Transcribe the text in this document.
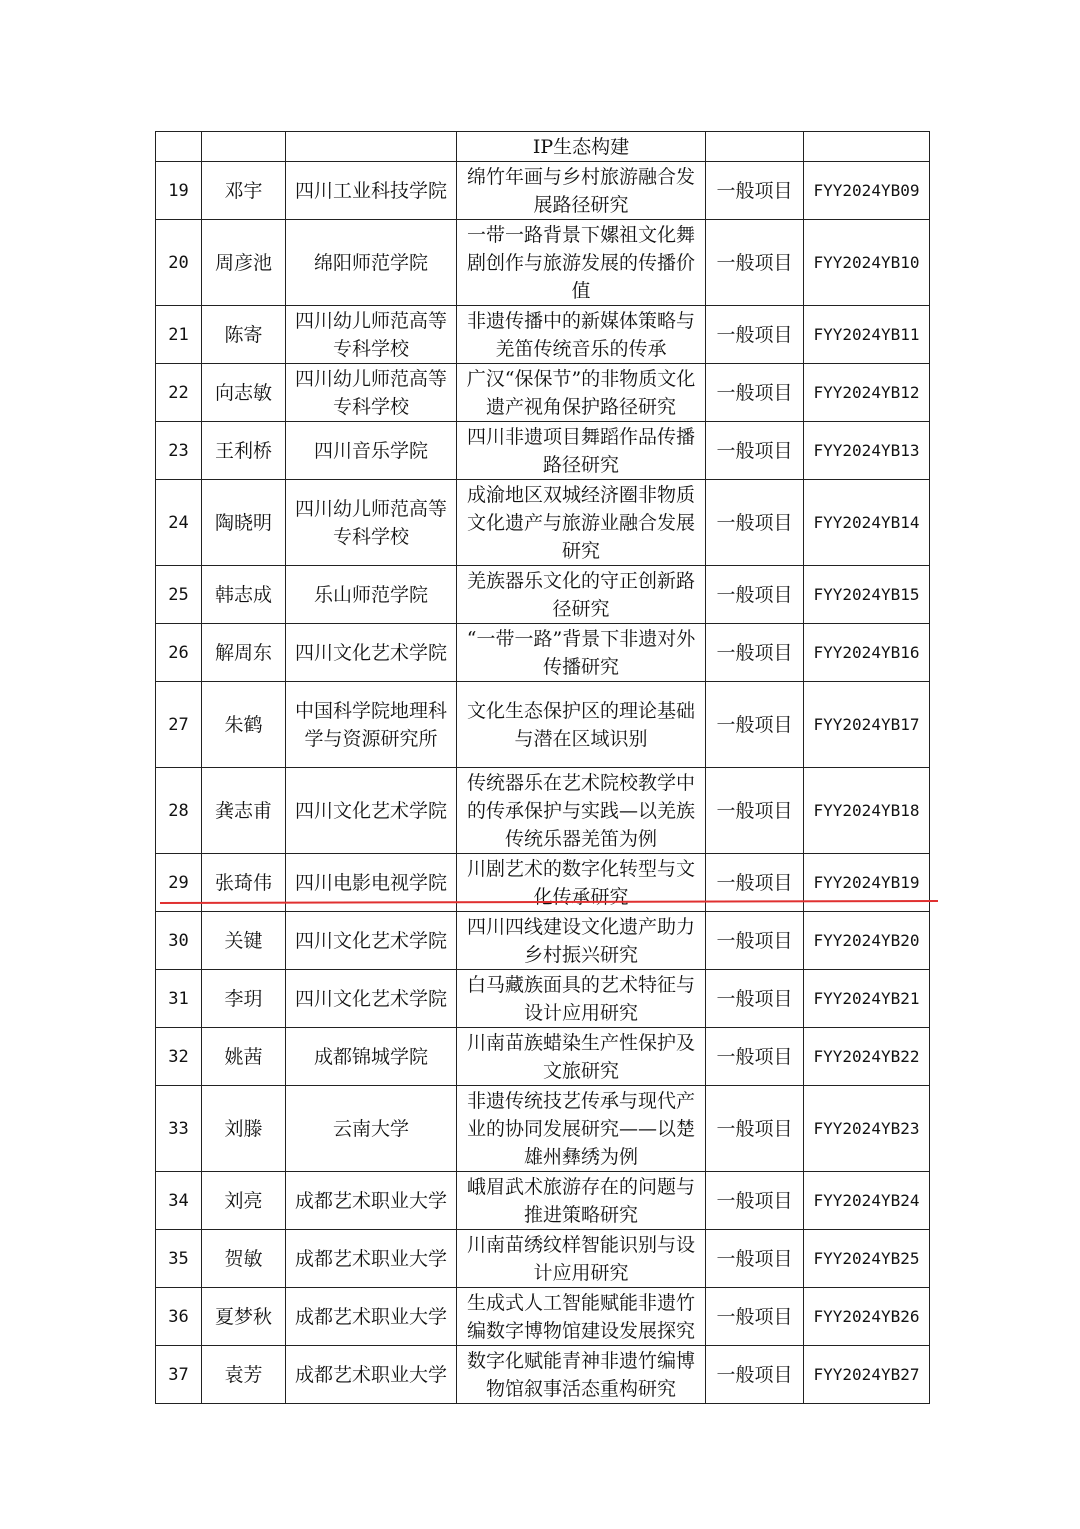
			IP生态构建		
19	邓宇	四川工业科技学院	绵竹年画与乡村旅游融合发展路径研究	一般项目	FYY2024YB09
20	周彦池	绵阳师范学院	一带一路背景下嫘祖文化舞剧创作与旅游发展的传播价值	一般项目	FYY2024YB10
21	陈寄	四川幼儿师范高等专科学校	非遗传播中的新媒体策略与羌笛传统音乐的传承	一般项目	FYY2024YB11
22	向志敏	四川幼儿师范高等专科学校	广汉“保保节”的非物质文化遗产视角保护路径研究	一般项目	FYY2024YB12
23	王利桥	四川音乐学院	四川非遗项目舞蹈作品传播路径研究	一般项目	FYY2024YB13
24	陶晓明	四川幼儿师范高等专科学校	成渝地区双城经济圈非物质文化遗产与旅游业融合发展研究	一般项目	FYY2024YB14
25	韩志成	乐山师范学院	羌族器乐文化的守正创新路径研究	一般项目	FYY2024YB15
26	解周东	四川文化艺术学院	“一带一路”背景下非遗对外传播研究	一般项目	FYY2024YB16
27	朱鹤	中国科学院地理科学与资源研究所	文化生态保护区的理论基础与潜在区域识别	一般项目	FYY2024YB17
28	龚志甫	四川文化艺术学院	传统器乐在艺术院校教学中的传承保护与实践—以羌族传统乐器羌笛为例	一般项目	FYY2024YB18
29	张琦伟	四川电影电视学院	川剧艺术的数字化转型与文化传承研究	一般项目	FYY2024YB19
30	关键	四川文化艺术学院	四川四线建设文化遗产助力乡村振兴研究	一般项目	FYY2024YB20
31	李玥	四川文化艺术学院	白马藏族面具的艺术特征与设计应用研究	一般项目	FYY2024YB21
32	姚茜	成都锦城学院	川南苗族蜡染生产性保护及文旅研究	一般项目	FYY2024YB22
33	刘滕	云南大学	非遗传统技艺传承与现代产业的协同发展研究——以楚雄州彝绣为例	一般项目	FYY2024YB23
34	刘亮	成都艺术职业大学	峨眉武术旅游存在的问题与推进策略研究	一般项目	FYY2024YB24
35	贺敏	成都艺术职业大学	川南苗绣纹样智能识别与设计应用研究	一般项目	FYY2024YB25
36	夏梦秋	成都艺术职业大学	生成式人工智能赋能非遗竹编数字博物馆建设发展探究	一般项目	FYY2024YB26
37	袁芳	成都艺术职业大学	数字化赋能青神非遗竹编博物馆叙事活态重构研究	一般项目	FYY2024YB27
